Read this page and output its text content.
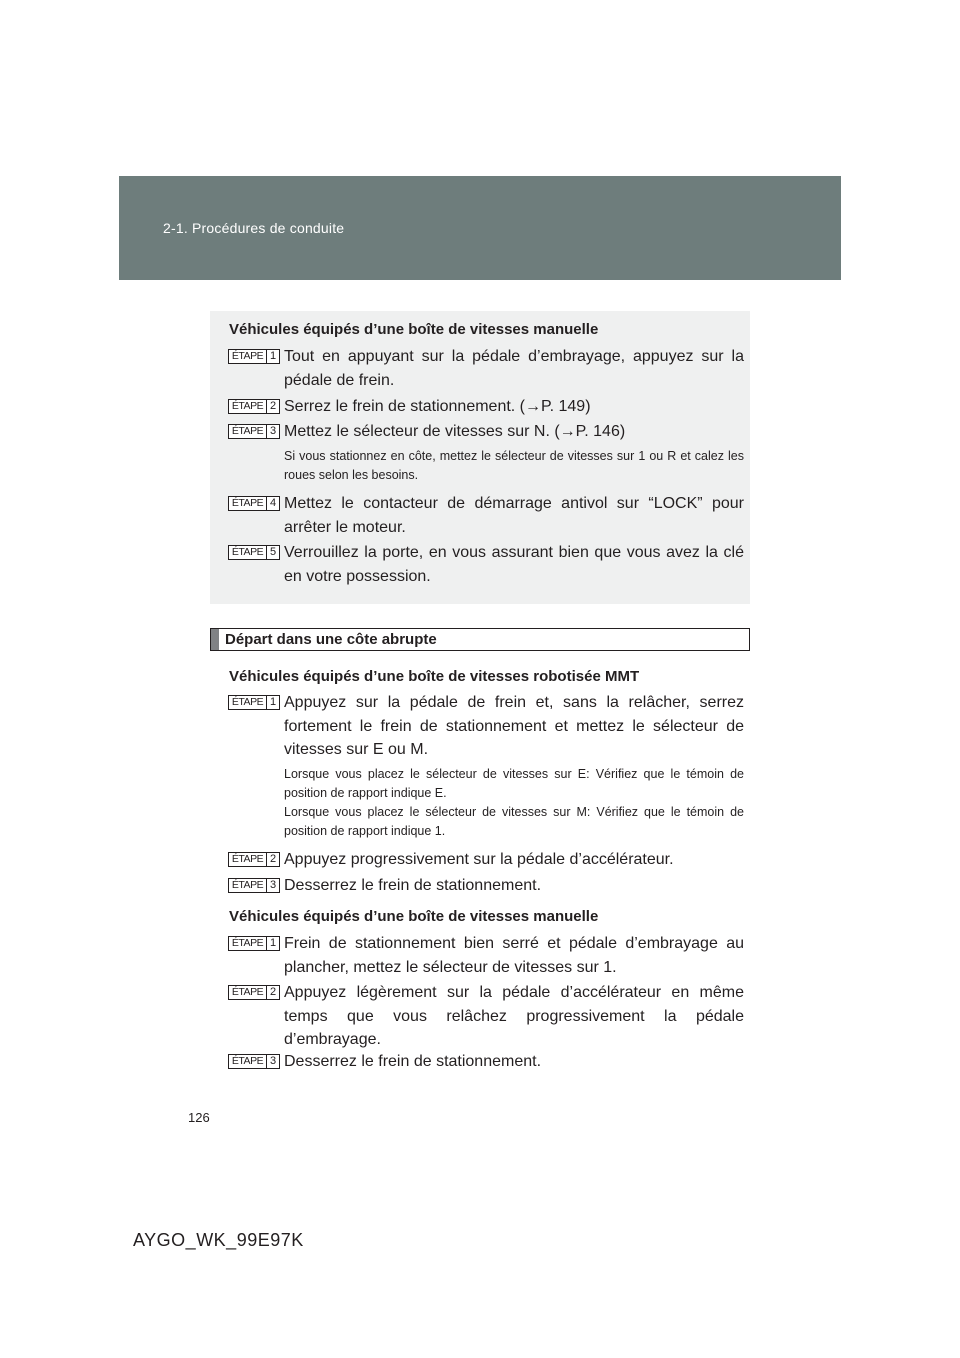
2-1. Procédures de conduite
Véhicules équipés d’une boîte de vitesses manuelle
ÉTAPE 1 Tout en appuyant sur la pédale d’embrayage, appuyez sur la pédale de frein.
ÉTAPE 2 Serrez le frein de stationnement. (→P. 149)
ÉTAPE 3 Mettez le sélecteur de vitesses sur N. (→P. 146)
Si vous stationnez en côte, mettez le sélecteur de vitesses sur 1 ou R et calez les roues selon les besoins.
ÉTAPE 4 Mettez le contacteur de démarrage antivol sur “LOCK” pour arrêter le moteur.
ÉTAPE 5 Verrouillez la porte, en vous assurant bien que vous avez la clé en votre possession.
Départ dans une côte abrupte
Véhicules équipés d’une boîte de vitesses robotisée MMT
ÉTAPE 1 Appuyez sur la pédale de frein et, sans la relâcher, serrez fortement le frein de stationnement et mettez le sélecteur de vitesses sur E ou M.
Lorsque vous placez le sélecteur de vitesses sur E: Vérifiez que le témoin de position de rapport indique E.
Lorsque vous placez le sélecteur de vitesses sur M: Vérifiez que le témoin de position de rapport indique 1.
ÉTAPE 2 Appuyez progressivement sur la pédale d’accélérateur.
ÉTAPE 3 Desserrez le frein de stationnement.
Véhicules équipés d’une boîte de vitesses manuelle
ÉTAPE 1 Frein de stationnement bien serré et pédale d’embrayage au plancher, mettez le sélecteur de vitesses sur 1.
ÉTAPE 2 Appuyez légèrement sur la pédale d’accélérateur en même temps que vous relâchez progressivement la pédale d’embrayage.
ÉTAPE 3 Desserrez le frein de stationnement.
126
AYGO_WK_99E97K
